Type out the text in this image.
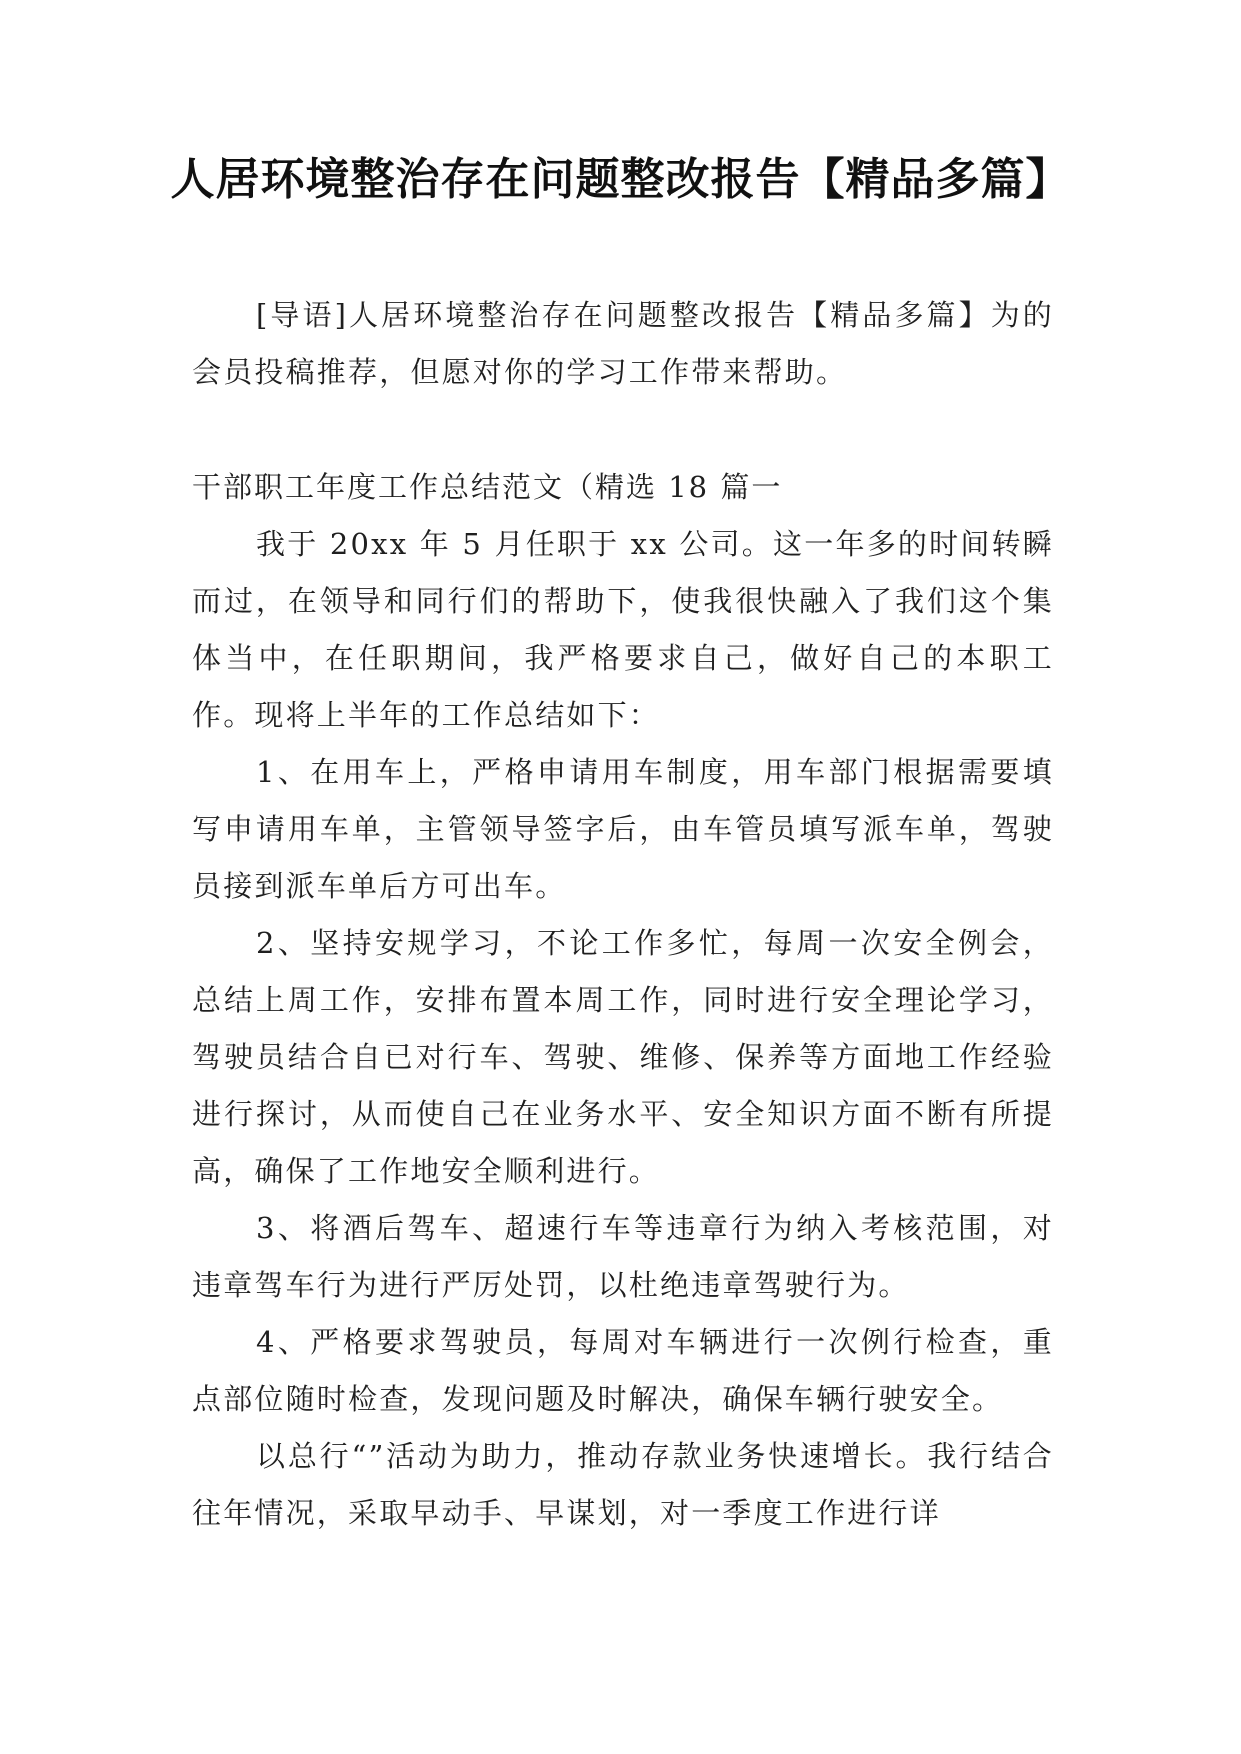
人居环境整治存在问题整改报告【精品多篇】

[导语]人居环境整治存在问题整改报告【精品多篇】为的会员投稿推荐，但愿对你的学习工作带来帮助。

干部职工年度工作总结范文（精选 18 篇一

我于 20xx 年 5 月任职于 xx 公司。这一年多的时间转瞬而过，在领导和同行们的帮助下，使我很快融入了我们这个集体当中，在任职期间，我严格要求自己，做好自己的本职工作。现将上半年的工作总结如下：

1、在用车上，严格申请用车制度，用车部门根据需要填写申请用车单，主管领导签字后，由车管员填写派车单，驾驶员接到派车单后方可出车。

2、坚持安规学习，不论工作多忙，每周一次安全例会，总结上周工作，安排布置本周工作，同时进行安全理论学习，驾驶员结合自已对行车、驾驶、维修、保养等方面地工作经验进行探讨，从而使自己在业务水平、安全知识方面不断有所提高，确保了工作地安全顺利进行。

3、将酒后驾车、超速行车等违章行为纳入考核范围，对违章驾车行为进行严厉处罚，以杜绝违章驾驶行为。

4、严格要求驾驶员，每周对车辆进行一次例行检查，重点部位随时检查，发现问题及时解决，确保车辆行驶安全。

以总行“”活动为助力，推动存款业务快速增长。我行结合往年情况，采取早动手、早谋划，对一季度工作进行详
